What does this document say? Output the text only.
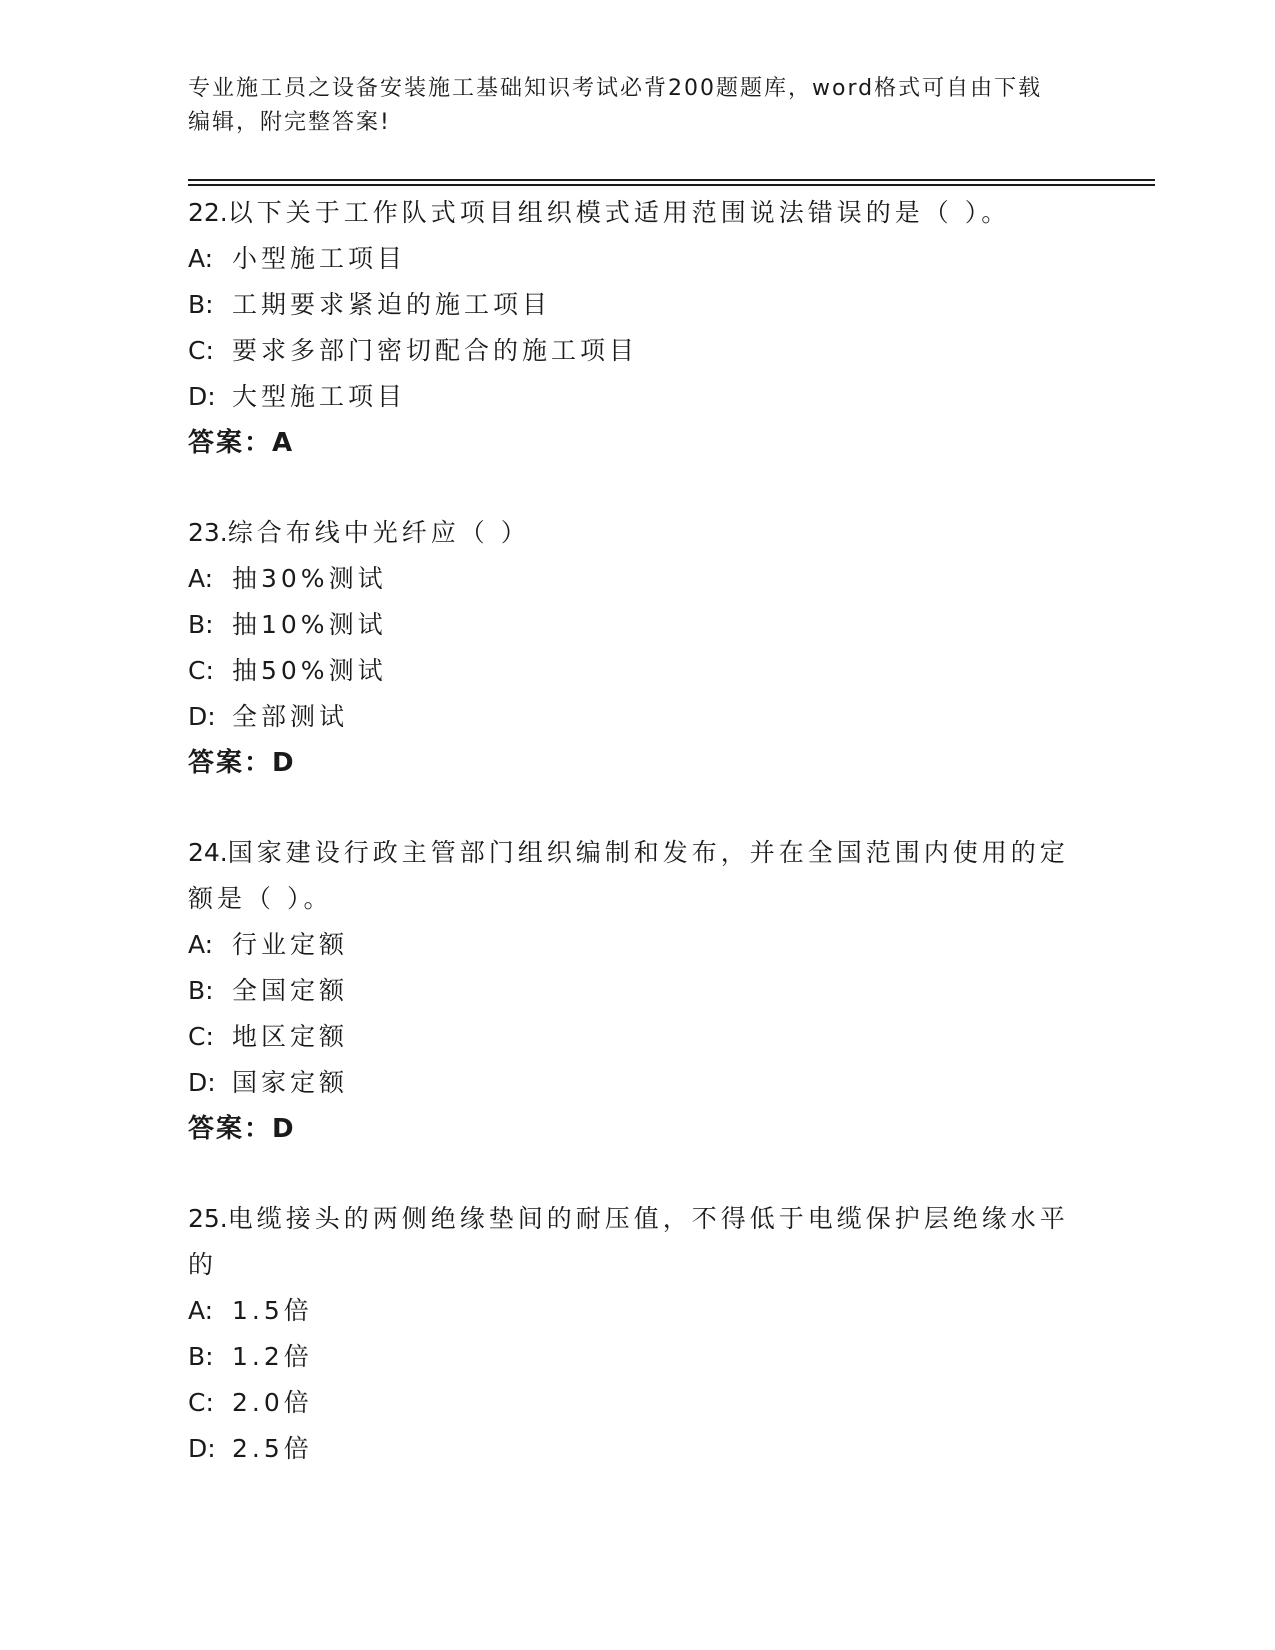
专业施工员之设备安装施工基础知识考试必背200题题库，word格式可自由下载
编辑，附完整答案!
22.以下关于工作队式项目组织模式适用范围说法错误的是（ ）。
A: 小型施工项目
B: 工期要求紧迫的施工项目
C: 要求多部门密切配合的施工项目
D: 大型施工项目
答案： A
23.综合布线中光纤应（ ）
A: 抽30%测试
B: 抽10%测试
C: 抽50%测试
D: 全部测试
答案： D
24.国家建设行政主管部门组织编制和发布，并在全国范围内使用的定额是（ ）。
A: 行业定额
B: 全国定额
C: 地区定额
D: 国家定额
答案： D
25.电缆接头的两侧绝缘垫间的耐压值，不得低于电缆保护层绝缘水平的
A: 1.5倍
B: 1.2倍
C: 2.0倍
D: 2.5倍
